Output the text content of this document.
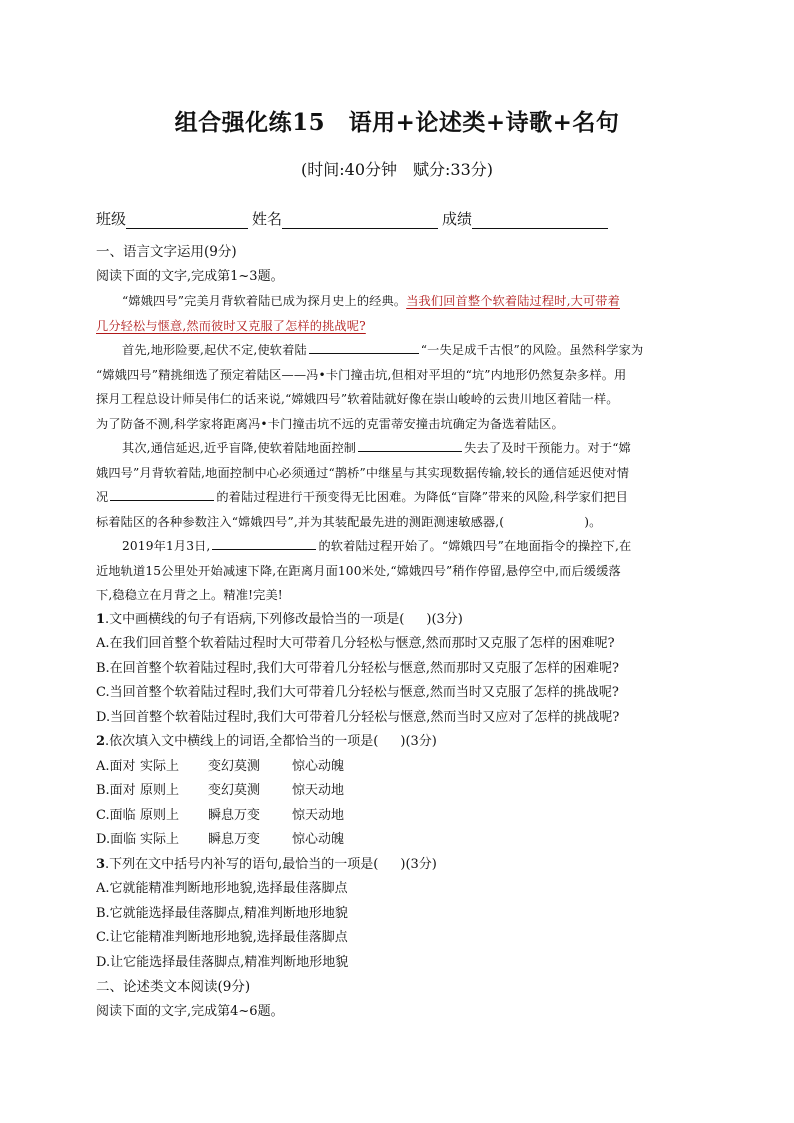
组合强化练15　语用+论述类+诗歌+名句
(时间:40分钟　赋分:33分)
班级	姓名	成绩
一、语言文字运用(9分)
阅读下面的文字,完成第1~3题。
“嫦娥四号”完美月背软着陆已成为探月史上的经典。当我们回首整个软着陆过程时,大可带着
几分轻松与惬意,然而彼时又克服了怎样的挑战呢?
首先,地形险要,起伏不定,使软着陆	“一失足成千古恨”的风险。虽然科学家为
“嫦娥四号”精挑细选了预定着陆区——冯•卡门撞击坑,但相对平坦的“坑”内地形仍然复杂多样。用
探月工程总设计师吴伟仁的话来说,“嫦娥四号”软着陆就好像在崇山峻岭的云贵川地区着陆一样。
为了防备不测,科学家将距离冯•卡门撞击坑不远的克雷蒂安撞击坑确定为备选着陆区。
其次,通信延迟,近乎盲降,使软着陆地面控制	失去了及时干预能力。对于“嫦
娥四号”月背软着陆,地面控制中心必须通过“鹊桥”中继星与其实现数据传输,较长的通信延迟使对情
况	的着陆过程进行干预变得无比困难。为降低“盲降”带来的风险,科学家们把目
标着陆区的各种参数注入“嫦娥四号”,并为其装配最先进的测距测速敏感器,(	)。
2019年1月3日,	的软着陆过程开始了。“嫦娥四号”在地面指令的操控下,在
近地轨道15公里处开始减速下降,在距离月面100米处,“嫦娥四号”稍作停留,悬停空中,而后缓缓落
下,稳稳立在月背之上。精准!完美!
1.文中画横线的句子有语病,下列修改最恰当的一项是( )(3分)
A.在我们回首整个软着陆过程时大可带着几分轻松与惬意,然而那时又克服了怎样的困难呢?
B.在回首整个软着陆过程时,我们大可带着几分轻松与惬意,然而那时又克服了怎样的困难呢?
C.当回首整个软着陆过程时,我们大可带着几分轻松与惬意,然而当时又克服了怎样的挑战呢?
D.当回首整个软着陆过程时,我们大可带着几分轻松与惬意,然而当时又应对了怎样的挑战呢?
2.依次填入文中横线上的词语,全都恰当的一项是( )(3分)
A.面对 实际上 变幻莫测 惊心动魄
B.面对 原则上 变幻莫测 惊天动地
C.面临 原则上 瞬息万变 惊天动地
D.面临 实际上 瞬息万变 惊心动魄
3.下列在文中括号内补写的语句,最恰当的一项是( )(3分)
A.它就能精准判断地形地貌,选择最佳落脚点
B.它就能选择最佳落脚点,精准判断地形地貌
C.让它能精准判断地形地貌,选择最佳落脚点
D.让它能选择最佳落脚点,精准判断地形地貌
二、论述类文本阅读(9分)
阅读下面的文字,完成第4~6题。
